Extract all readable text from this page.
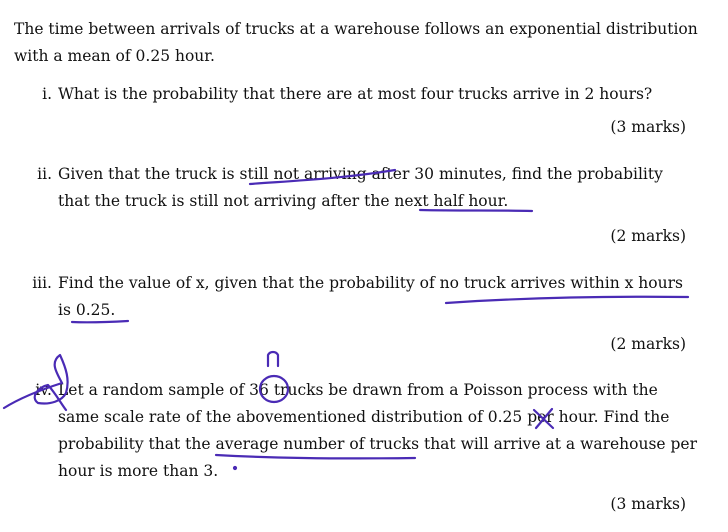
The time between arrivals of trucks at a warehouse follows an exponential distribution
with a mean of 0.25 hour.
i. What is the probability that there are at most four trucks arrive in 2 hours?
(3 marks)
ii. Given that the truck is still not arriving after 30 minutes, find the probability
that the truck is still not arriving after the next half hour.
(2 marks)
iii. Find the value of x, given that the probability of no truck arrives within x hours
is 0.25.
(2 marks)
iv. Let a random sample of 36 trucks be drawn from a Poisson process with the
same scale rate of the abovementioned distribution of 0.25 per hour. Find the
probability that the average number of trucks that will arrive at a warehouse per
hour is more than 3.
(3 marks)
